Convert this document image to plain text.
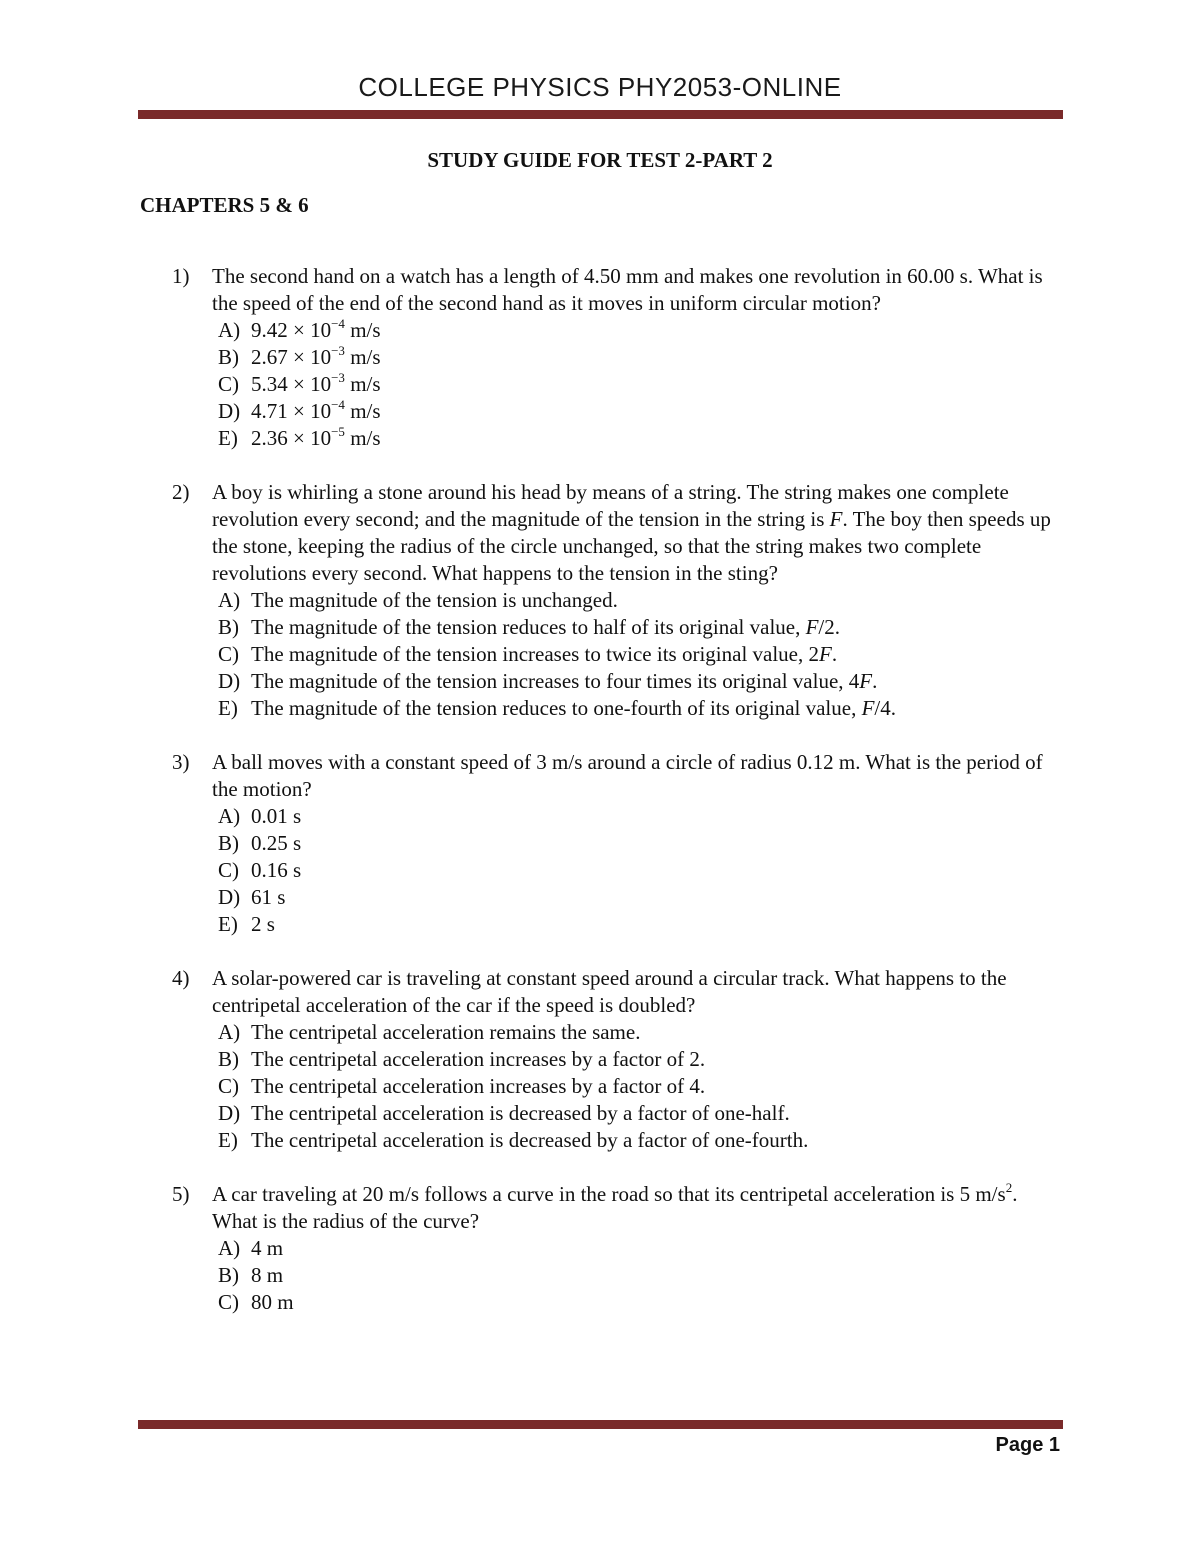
COLLEGE PHYSICS PHY2053-ONLINE
STUDY GUIDE FOR TEST 2-PART 2
CHAPTERS 5 & 6
1) The second hand on a watch has a length of 4.50 mm and makes one revolution in 60.00 s. What is the speed of the end of the second hand as it moves in uniform circular motion?
A) $9.42 \times 10^{-4}$ m/s
B) $2.67 \times 10^{-3}$ m/s
C) $5.34 \times 10^{-3}$ m/s
D) $4.71 \times 10^{-4}$ m/s
E) $2.36 \times 10^{-5}$ m/s
2) A boy is whirling a stone around his head by means of a string. The string makes one complete revolution every second; and the magnitude of the tension in the string is F. The boy then speeds up the stone, keeping the radius of the circle unchanged, so that the string makes two complete revolutions every second. What happens to the tension in the sting?
A) The magnitude of the tension is unchanged.
B) The magnitude of the tension reduces to half of its original value, F/2.
C) The magnitude of the tension increases to twice its original value, 2F.
D) The magnitude of the tension increases to four times its original value, 4F.
E) The magnitude of the tension reduces to one-fourth of its original value, F/4.
3) A ball moves with a constant speed of 3 m/s around a circle of radius 0.12 m. What is the period of the motion?
A) 0.01 s
B) 0.25 s
C) 0.16 s
D) 61 s
E) 2 s
4) A solar-powered car is traveling at constant speed around a circular track. What happens to the centripetal acceleration of the car if the speed is doubled?
A) The centripetal acceleration remains the same.
B) The centripetal acceleration increases by a factor of 2.
C) The centripetal acceleration increases by a factor of 4.
D) The centripetal acceleration is decreased by a factor of one-half.
E) The centripetal acceleration is decreased by a factor of one-fourth.
5) A car traveling at 20 m/s follows a curve in the road so that its centripetal acceleration is 5 $m/s^2$. What is the radius of the curve?
A) 4 m
B) 8 m
C) 80 m
Page 1
